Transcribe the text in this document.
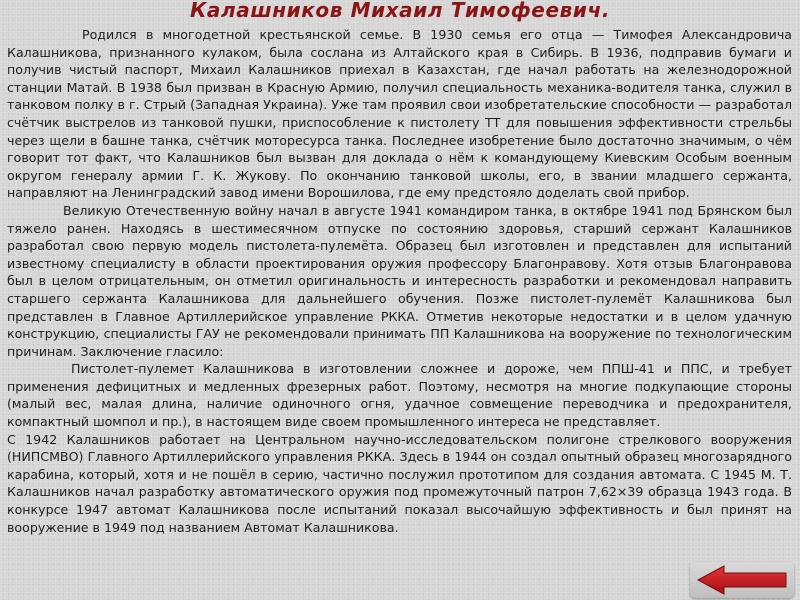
Калашников Михаил Тимофеевич.

Родился в многодетной крестьянской семье. В 1930 семья его отца — Тимофея Александровича Калашникова, признанного кулаком, была сослана из Алтайского края в Сибирь. В 1936, подправив бумаги и получив чистый паспорт, Михаил Калашников приехал в Казахстан, где начал работать на железнодорожной станции Матай. В 1938 был призван в Красную Армию, получил специальность механика-водителя танка, служил в танковом полку в г. Стрый (Западная Украина). Уже там проявил свои изобретательские способности — разработал счётчик выстрелов из танковой пушки, приспособление к пистолету ТТ для повышения эффективности стрельбы через щели в башне танка, счётчик моторесурса танка. Последнее изобретение было достаточно значимым, о чём говорит тот факт, что Калашников был вызван для доклада о нём к командующему Киевским Особым военным округом генералу армии Г. К. Жукову. По окончанию танковой школы, его, в звании младшего сержанта, направляют на Ленинградский завод имени Ворошилова, где ему предстояло доделать свой прибор.

Великую Отечественную войну начал в августе 1941 командиром танка, в октябре 1941 под Брянском был тяжело ранен. Находясь в шестимесячном отпуске по состоянию здоровья, старший сержант Калашников разработал свою первую модель пистолета-пулемёта. Образец был изготовлен и представлен для испытаний известному специалисту в области проектирования оружия профессору Благонравову. Хотя отзыв Благонравова был в целом отрицательным, он отметил оригинальность и интересность разработки и рекомендовал направить старшего сержанта Калашникова для дальнейшего обучения. Позже пистолет-пулемёт Калашникова был представлен в Главное Артиллерийское управление РККА. Отметив некоторые недостатки и в целом удачную конструкцию, специалисты ГАУ не рекомендовали принимать ПП Калашникова на вооружение по технологическим причинам. Заключение гласило:

Пистолет-пулемет Калашникова в изготовлении сложнее и дороже, чем ППШ-41 и ППС, и требует применения дефицитных и медленных фрезерных работ. Поэтому, несмотря на многие подкупающие стороны (малый вес, малая длина, наличие одиночного огня, удачное совмещение переводчика и предохранителя, компактный шомпол и пр.), в настоящем виде своем промышленного интереса не представляет.

С 1942 Калашников работает на Центральном научно-исследовательском полигоне стрелкового вооружения (НИПСМВО) Главного Артиллерийского управления РККА. Здесь в 1944 он создал опытный образец многозарядного карабина, который, хотя и не пошёл в серию, частично послужил прототипом для создания автомата. С 1945 М. Т. Калашников начал разработку автоматического оружия под промежуточный патрон 7,62×39 образца 1943 года. В конкурсе 1947 автомат Калашникова после испытаний показал высочайшую эффективность и был принят на вооружение в 1949 под названием Автомат Калашникова.
